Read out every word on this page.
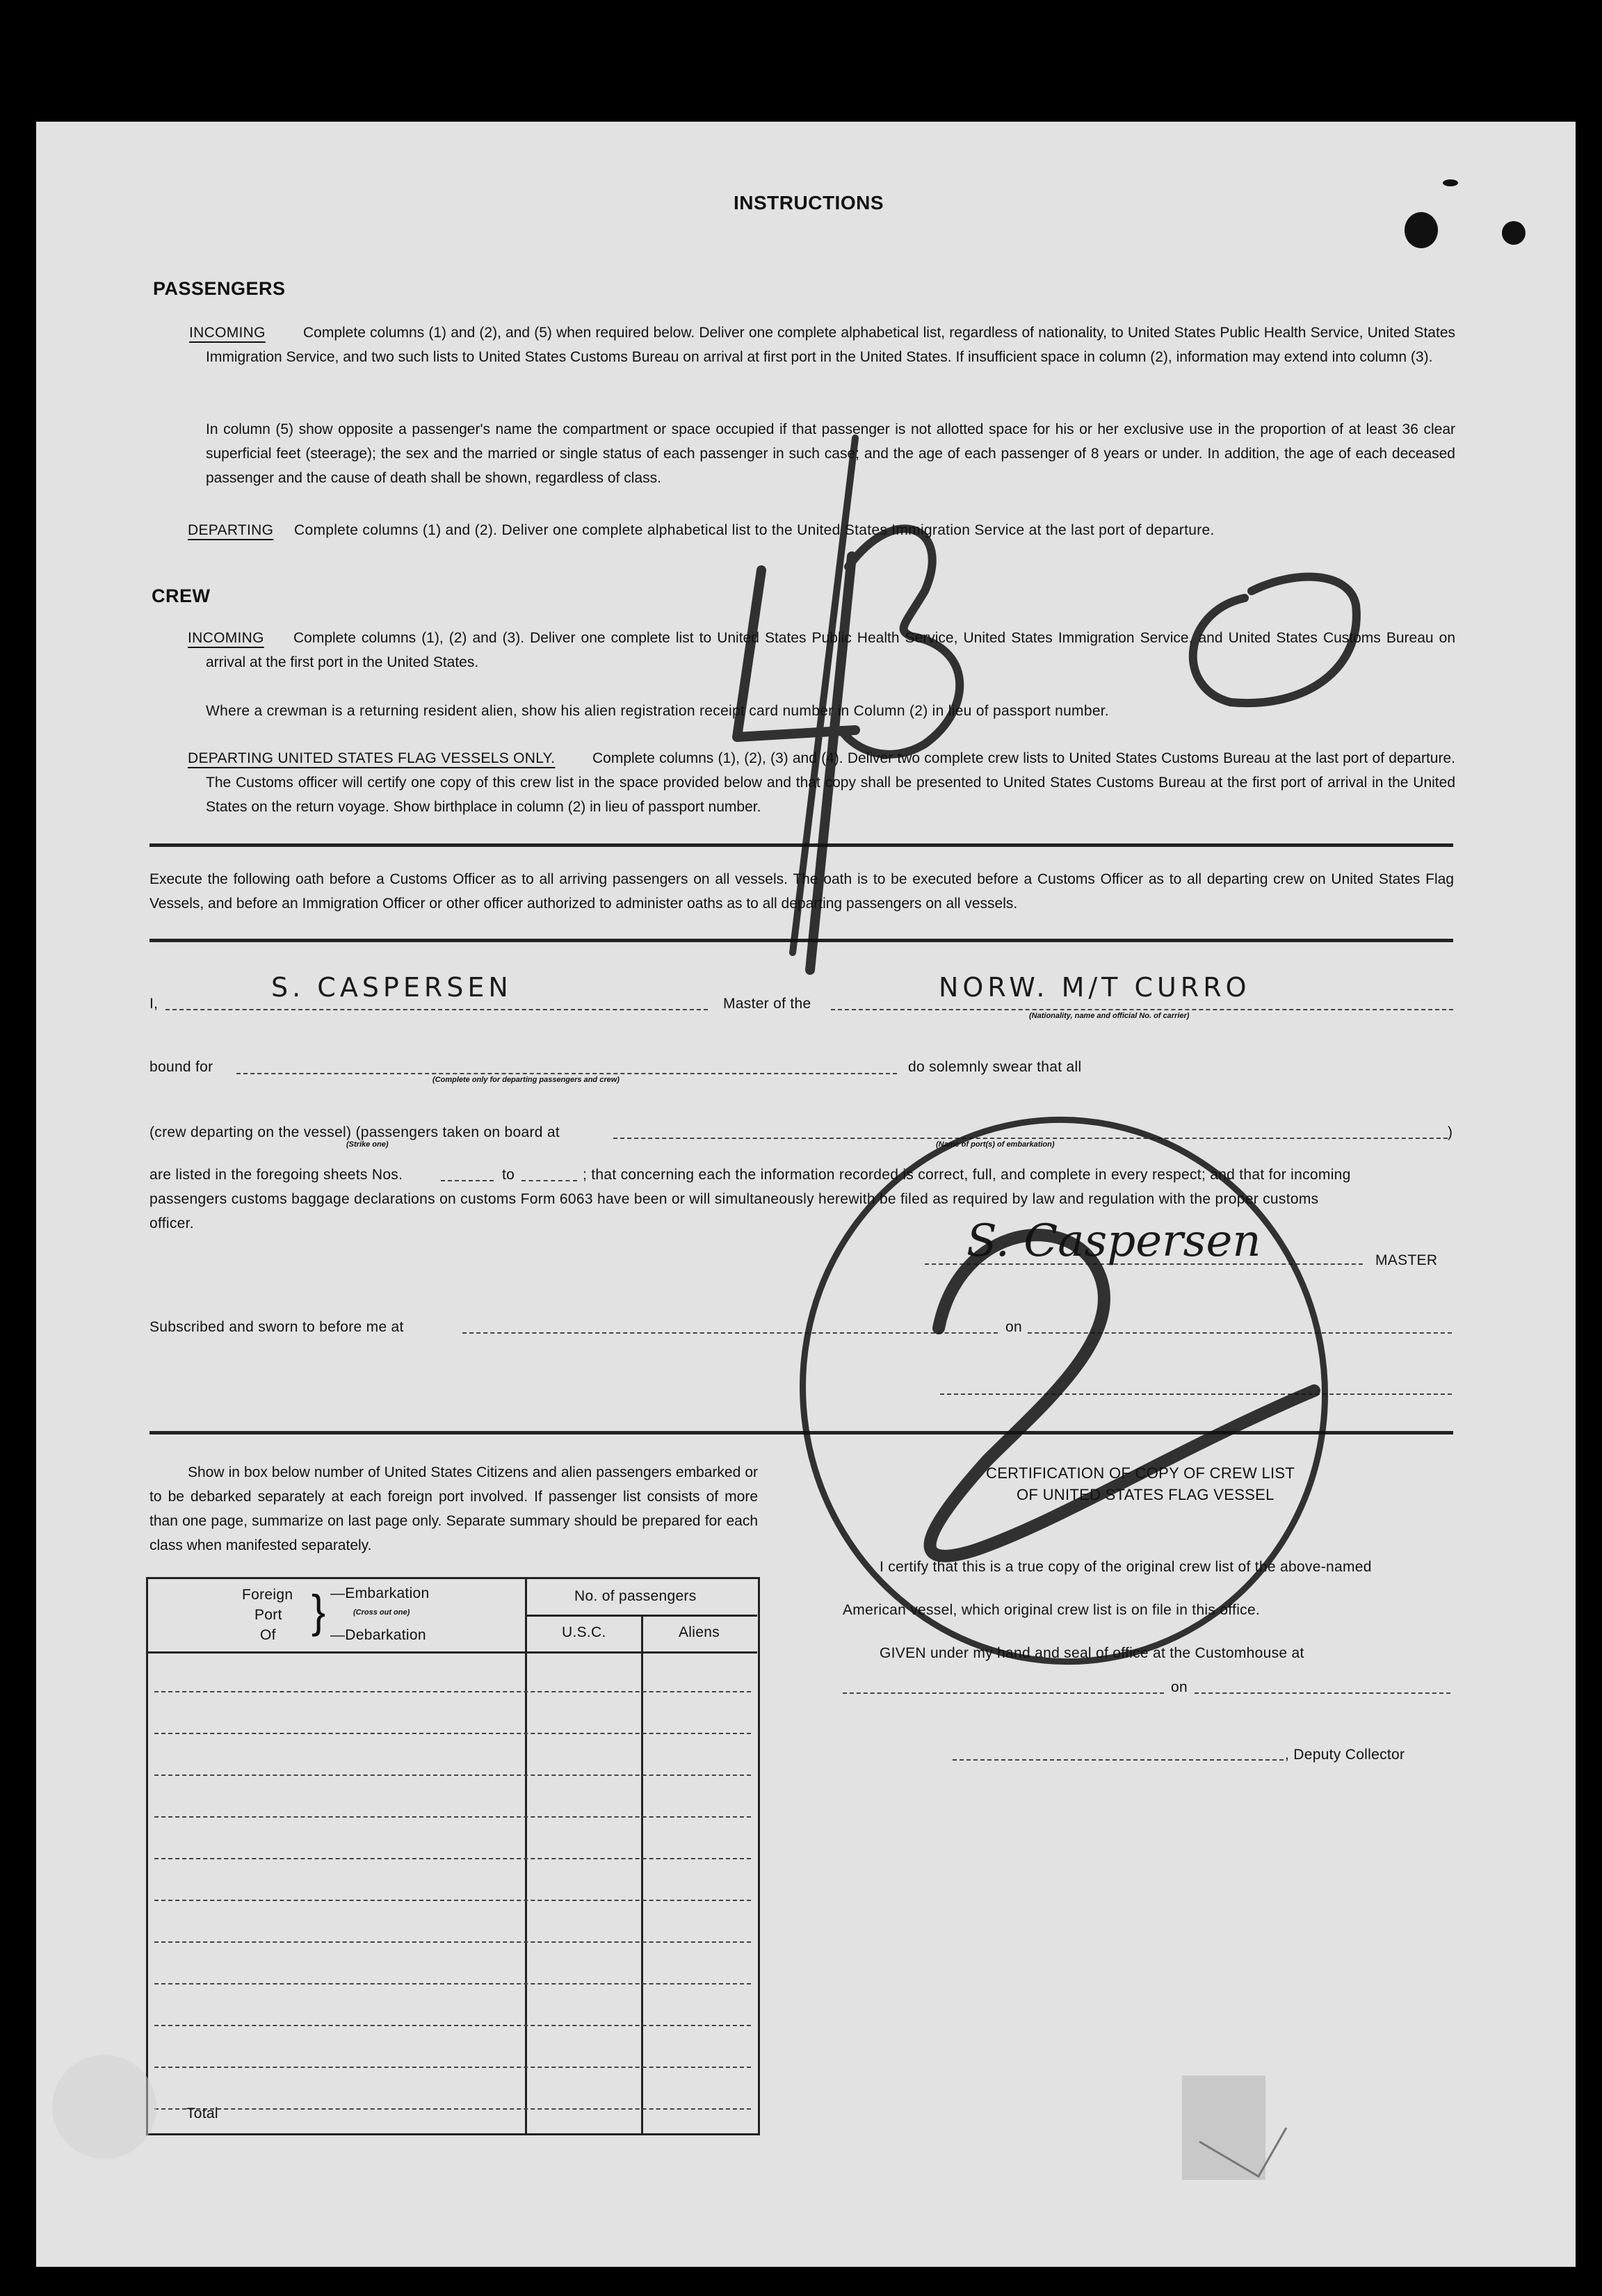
INSTRUCTIONS
PASSENGERS
INCOMING	Complete columns (1) and (2), and (5) when required below. Deliver one complete alphabetical list, regardless of nationality, to United States Public Health Service, United States Immigration Service, and two such lists to United States Customs Bureau on arrival at first port in the United States. If insufficient space in column (2), information may extend into column (3).
In column (5) show opposite a passenger's name the compartment or space occupied if that passenger is not allotted space for his or her exclusive use in the proportion of at least 36 clear superficial feet (steerage); the sex and the married or single status of each passenger in such case; and the age of each passenger of 8 years or under. In addition, the age of each deceased passenger and the cause of death shall be shown, regardless of class.
DEPARTING Complete columns (1) and (2). Deliver one complete alphabetical list to the United States Immigration Service at the last port of departure.
CREW
INCOMING	Complete columns (1), (2) and (3). Deliver one complete list to United States Public Health Service, United States Immigration Service, and United States Customs Bureau on arrival at the first port in the United States.
Where a crewman is a returning resident alien, show his alien registration receipt card number in Column (2) in lieu of passport number.
DEPARTING UNITED STATES FLAG VESSELS ONLY.	Complete columns (1), (2), (3) and (4). Deliver two complete crew lists to United States Customs Bureau at the last port of departure. The Customs officer will certify one copy of this crew list in the space provided below and that copy shall be presented to United States Customs Bureau at the first port of arrival in the United States on the return voyage. Show birthplace in column (2) in lieu of passport number.
Execute the following oath before a Customs Officer as to all arriving passengers on all vessels. The oath is to be executed before a Customs Officer as to all departing crew on United States Flag Vessels, and before an Immigration Officer or other officer authorized to administer oaths as to all departing passengers on all vessels.
I,
S. CASPERSEN
Master of the
NORW. M/T CURRO
(Nationality, name and official No. of carrier)
bound for
(Complete only for departing passengers and crew)
do solemnly swear that all
(crew departing on the vessel) (passengers taken on board at	)
(Strike one)	(Name of port(s) of embarkation)
are listed in the foregoing sheets Nos.	to	; that concerning each the information recorded is correct, full, and complete in every respect; and that for incoming
passengers customs baggage declarations on customs Form 6063 have been or will simultaneously herewith be filed as required by law and regulation with the proper customs
officer.	S. Caspersen	MASTER
Subscribed and sworn to before me at	on
Show in box below number of United States Citizens and alien passengers embarked or to be debarked separately at each foreign port involved. If passenger list consists of more than one page, summarize on last page only. Separate summary should be prepared for each class when manifested separately.
Foreign
Port
Of } —Embarkation
(Cross out one)
—Debarkation
No. of passengers
U.S.C.	Aliens
Total
CERTIFICATION OF COPY OF CREW LIST
OF UNITED STATES FLAG VESSEL
I certify that this is a true copy of the original crew list of the above-named
American vessel, which original crew list is on file in this office.
GIVEN under my hand and seal of office at the Customhouse at
on
, Deputy Collector
